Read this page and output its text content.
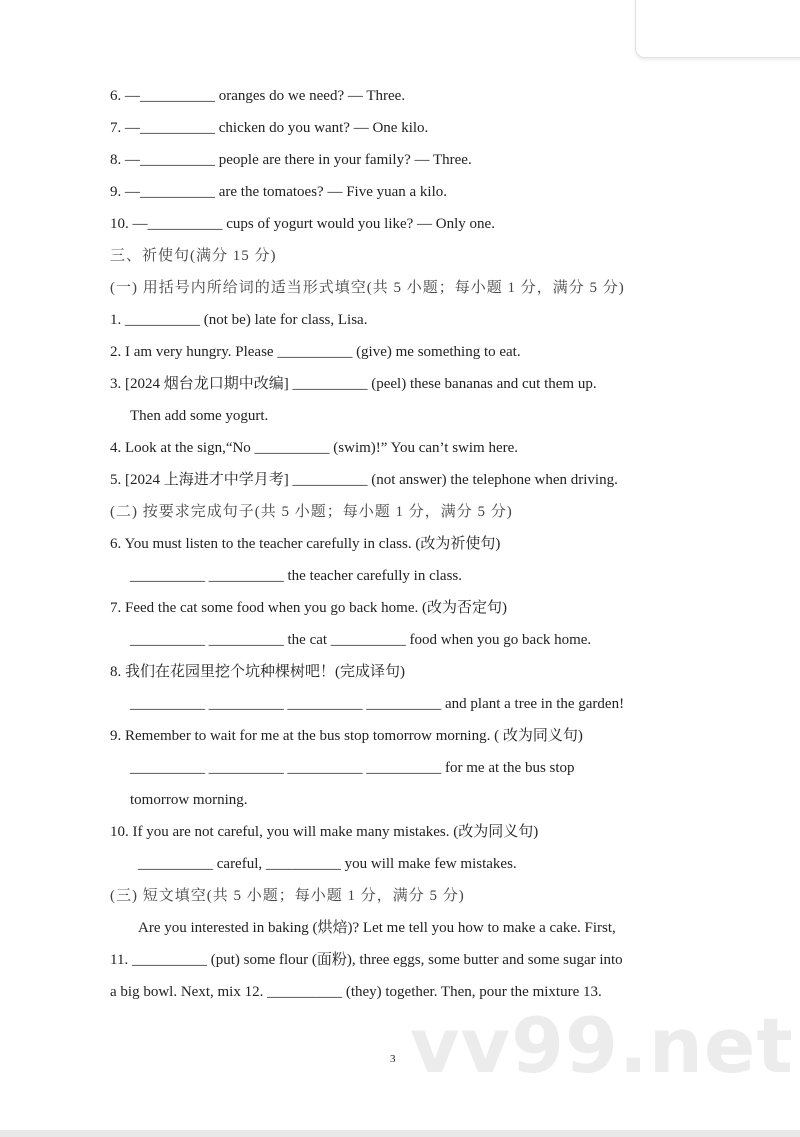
6. —__________ oranges do we need? — Three.
7. —__________ chicken do you want? — One kilo.
8. —__________ people are there in your family? — Three.
9. —__________ are the tomatoes? — Five yuan a kilo.
10. —__________ cups of yogurt would you like? — Only one.
三、祈使句(满分 15 分)
(一) 用括号内所给词的适当形式填空(共 5 小题；每小题 1 分，满分 5 分)
1. __________ (not be) late for class, Lisa.
2. I am very hungry. Please __________ (give) me something to eat.
3. [2024 烟台龙口期中改编] __________ (peel) these bananas and cut them up.
Then add some yogurt.
4. Look at the sign,“No __________ (swim)!” You can’t swim here.
5. [2024 上海进才中学月考] __________ (not answer) the telephone when driving.
(二) 按要求完成句子(共 5 小题；每小题 1 分，满分 5 分)
6. You must listen to the teacher carefully in class. (改为祈使句)
__________ __________ the teacher carefully in class.
7. Feed the cat some food when you go back home. (改为否定句)
__________ __________ the cat __________ food when you go back home.
8. 我们在花园里挖个坑种棵树吧！(完成译句)
__________ __________ __________ __________ and plant a tree in the garden!
9. Remember to wait for me at the bus stop tomorrow morning. ( 改为同义句)
__________ __________ __________ __________ for me at the bus stop
tomorrow morning.
10. If you are not careful, you will make many mistakes. (改为同义句)
__________ careful, __________ you will make few mistakes.
(三) 短文填空(共 5 小题；每小题 1 分，满分 5 分)
Are you interested in baking (烘焙)? Let me tell you how to make a cake. First,
11. __________ (put) some flour (面粉), three eggs, some butter and some sugar into
a big bowl. Next, mix 12. __________ (they) together. Then, pour the mixture 13.
vv99.net
3
